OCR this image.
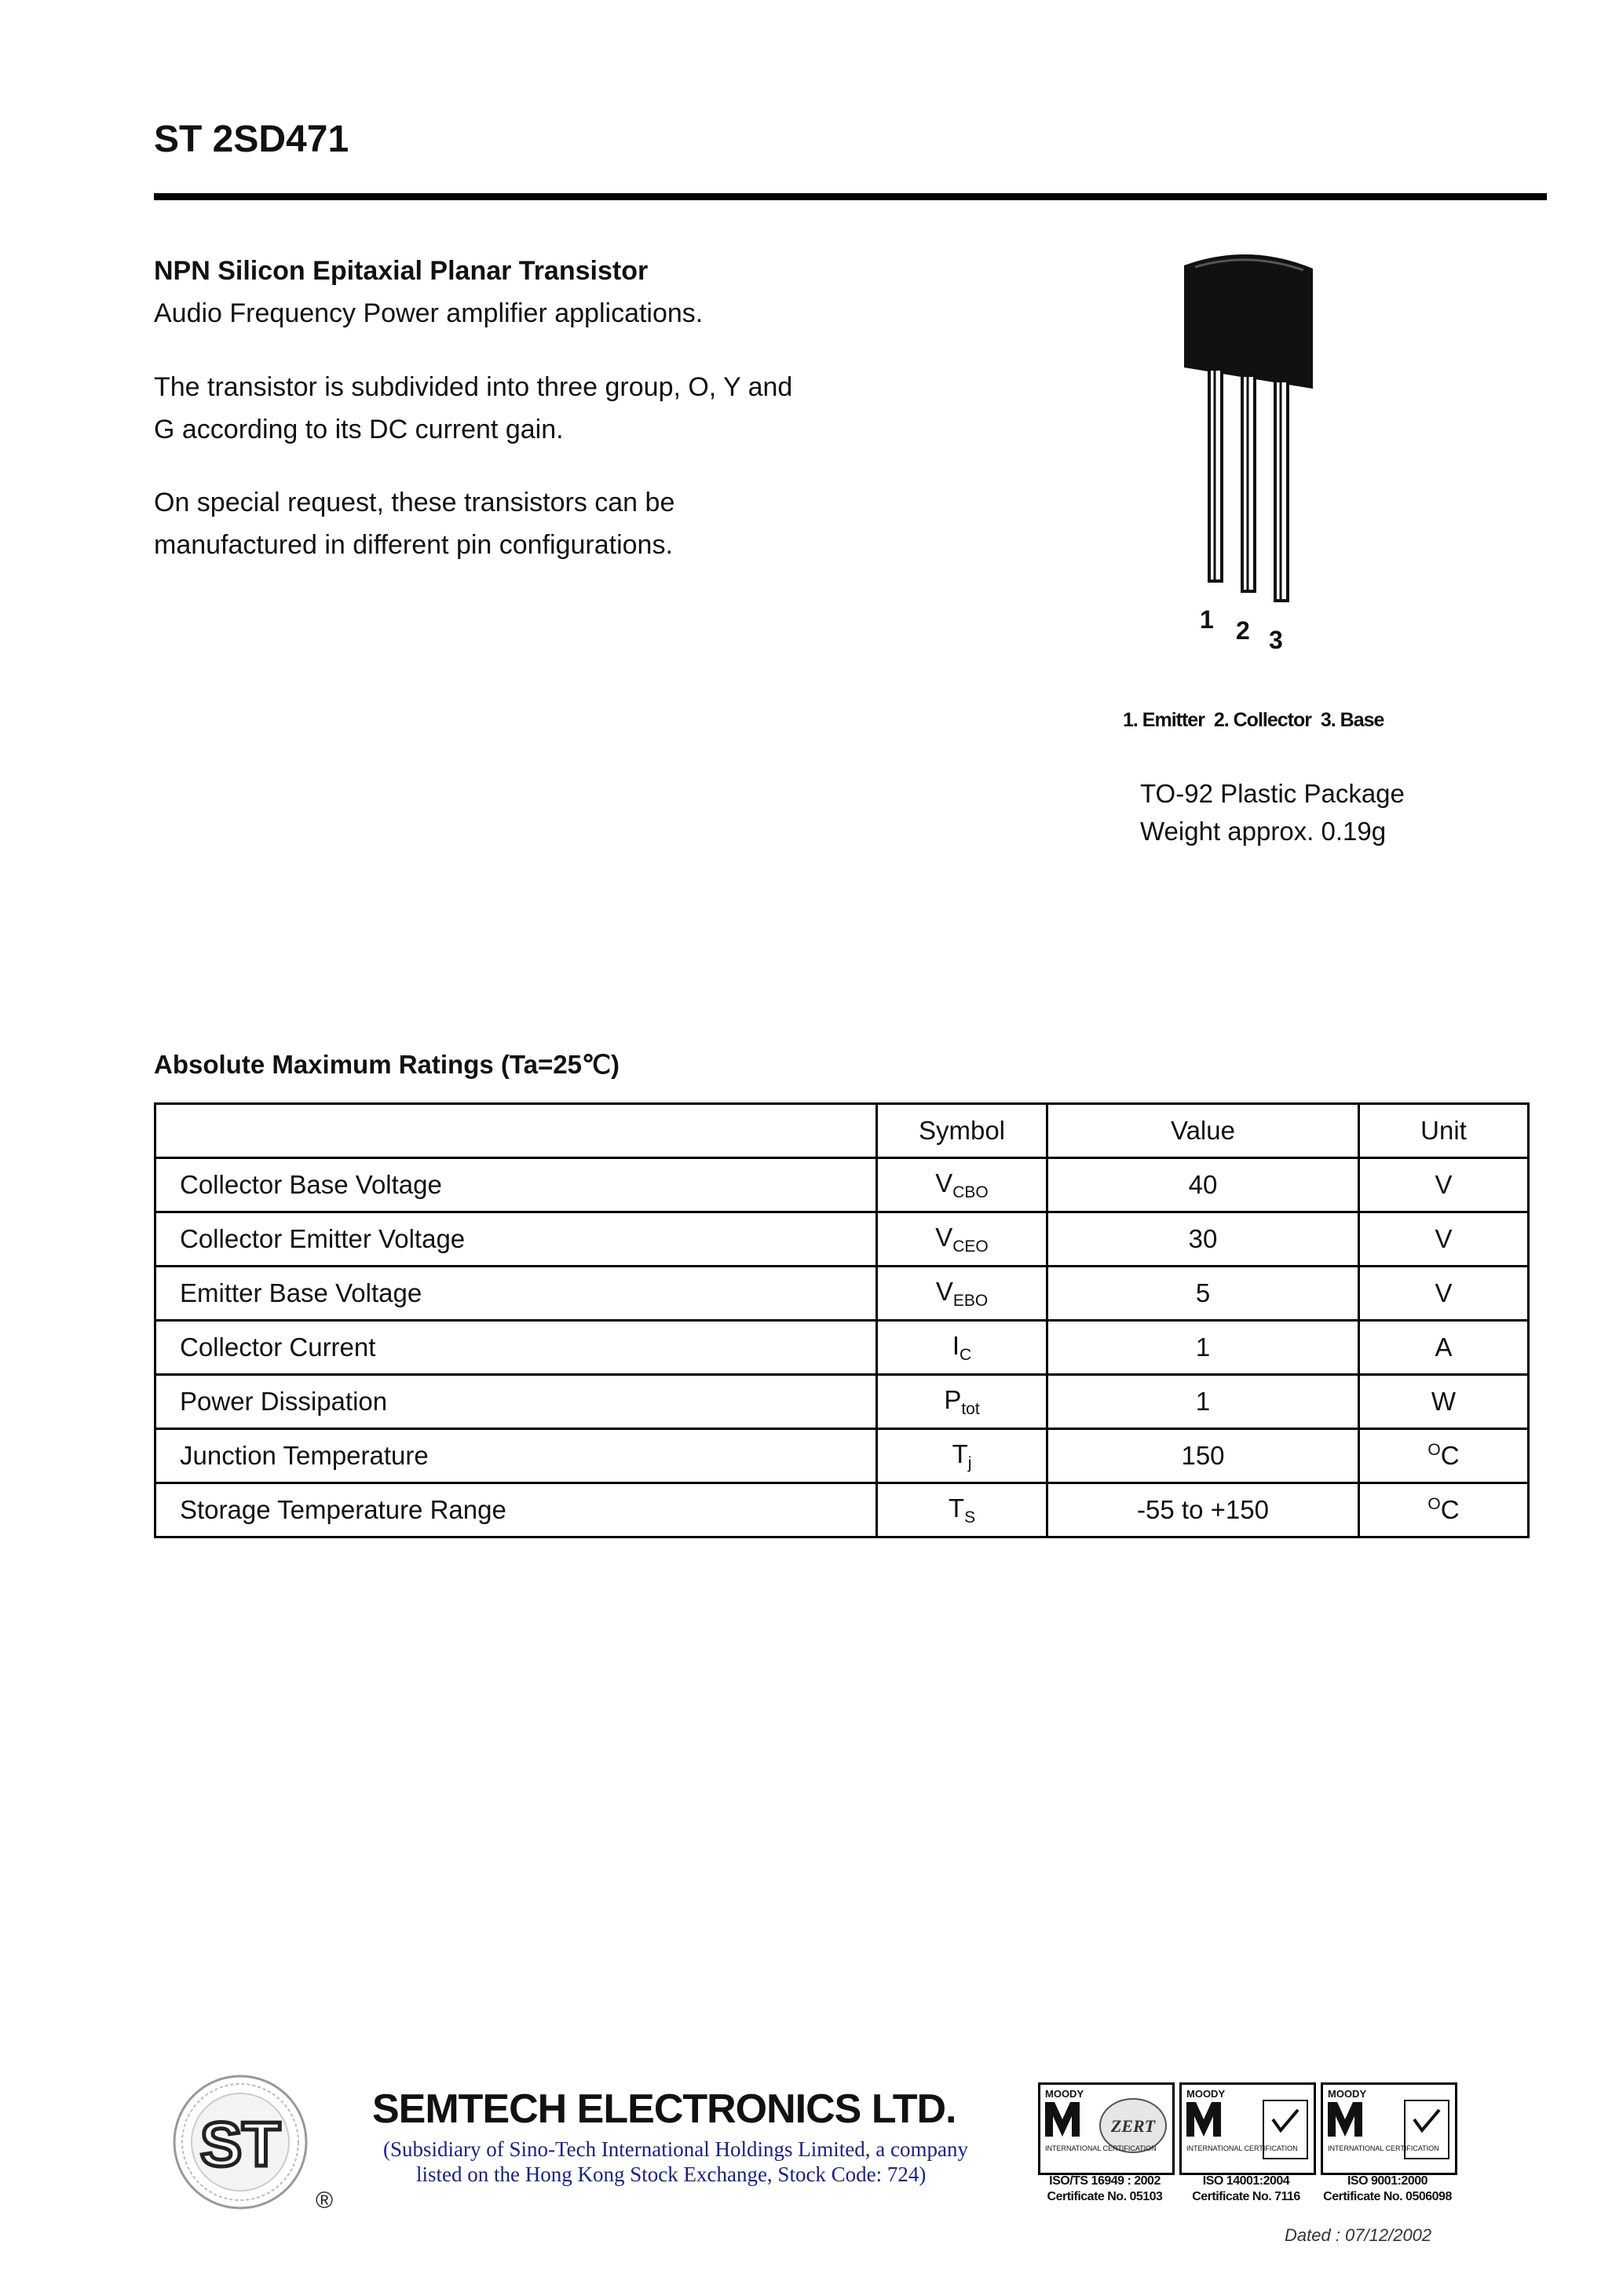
ST 2SD471
NPN Silicon Epitaxial Planar Transistor
Audio Frequency Power amplifier applications.
The transistor is subdivided into three group, O, Y and
G according to its DC current gain.
On special request, these transistors can be
manufactured in different pin configurations.
1 2 3
1. Emitter  2. Collector  3. Base
TO-92 Plastic Package
Weight approx. 0.19g
Absolute Maximum Ratings (Ta=25℃)
	Symbol	Value	Unit
Collector Base Voltage	$V_{CBO}$	40	V
Collector Emitter Voltage	$V_{CEO}$	30	V
Emitter Base Voltage	$V_{EBO}$	5	V
Collector Current	$I_C$	1	A
Power Dissipation	$P_{tot}$	1	W
Junction Temperature	$T_j$	150	$^O$C
Storage Temperature Range	$T_S$	-55 to +150	$^O$C
ST
®
SEMTECH ELECTRONICS LTD.
(Subsidiary of Sino-Tech International Holdings Limited, a company
listed on the Hong Kong Stock Exchange, Stock Code: 724)
MOODY
ZERT
INTERNATIONAL CERTIFICATION
MOODY
INTERNATIONAL CERTIFICATION
MOODY
INTERNATIONAL CERTIFICATION
ISO/TS 16949 : 2002
Certificate No. 05103
ISO 14001:2004
Certificate No. 7116
ISO 9001:2000
Certificate No. 0506098
Dated : 07/12/2002
